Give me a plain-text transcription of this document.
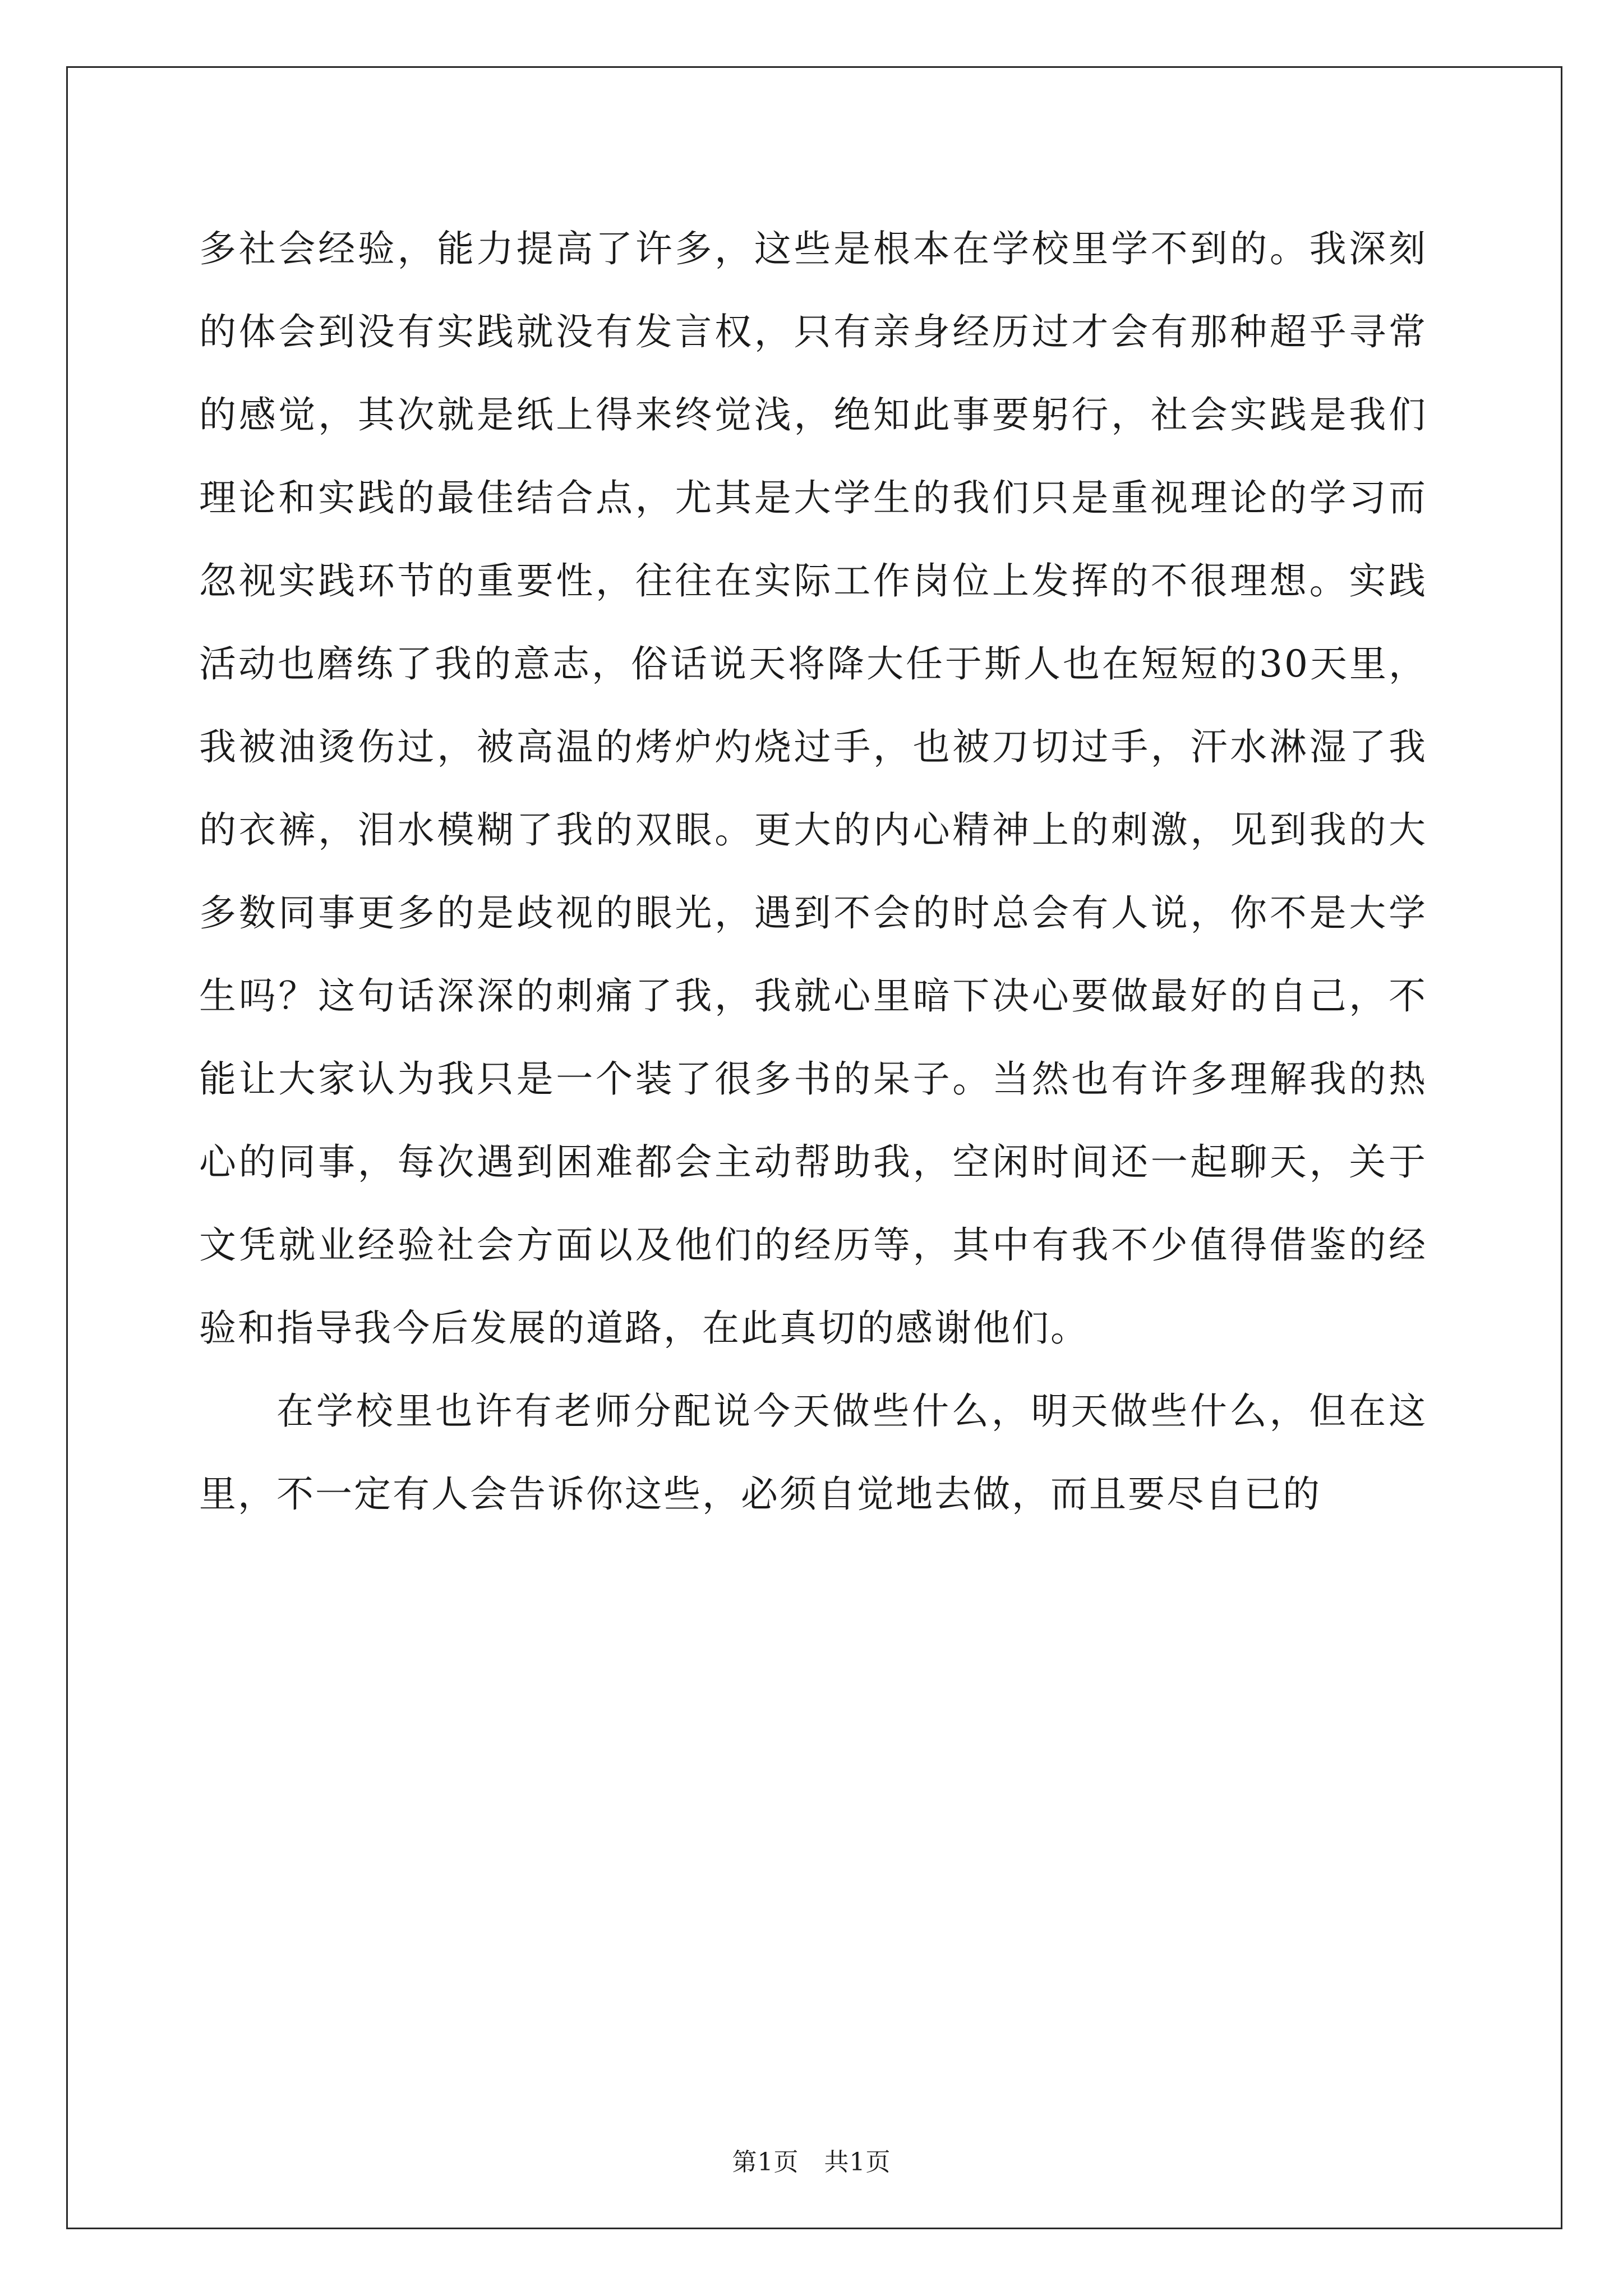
多社会经验，能力提高了许多，这些是根本在学校里学不到的。我深刻的体会到没有实践就没有发言权，只有亲身经历过才会有那种超乎寻常的感觉，其次就是纸上得来终觉浅，绝知此事要躬行，社会实践是我们理论和实践的最佳结合点，尤其是大学生的我们只是重视理论的学习而忽视实践环节的重要性，往往在实际工作岗位上发挥的不很理想。实践活动也磨练了我的意志，俗话说天将降大任于斯人也在短短的30天里，我被油烫伤过，被高温的烤炉灼烧过手，也被刀切过手，汗水淋湿了我的衣裤，泪水模糊了我的双眼。更大的内心精神上的刺激，见到我的大多数同事更多的是歧视的眼光，遇到不会的时总会有人说，你不是大学生吗？这句话深深的刺痛了我，我就心里暗下决心要做最好的自己，不能让大家认为我只是一个装了很多书的呆子。当然也有许多理解我的热心的同事，每次遇到困难都会主动帮助我，空闲时间还一起聊天，关于文凭就业经验社会方面以及他们的经历等，其中有我不少值得借鉴的经验和指导我今后发展的道路，在此真切的感谢他们。

在学校里也许有老师分配说今天做些什么，明天做些什么，但在这里，不一定有人会告诉你这些，必须自觉地去做，而且要尽自已的

第1页　共1页
